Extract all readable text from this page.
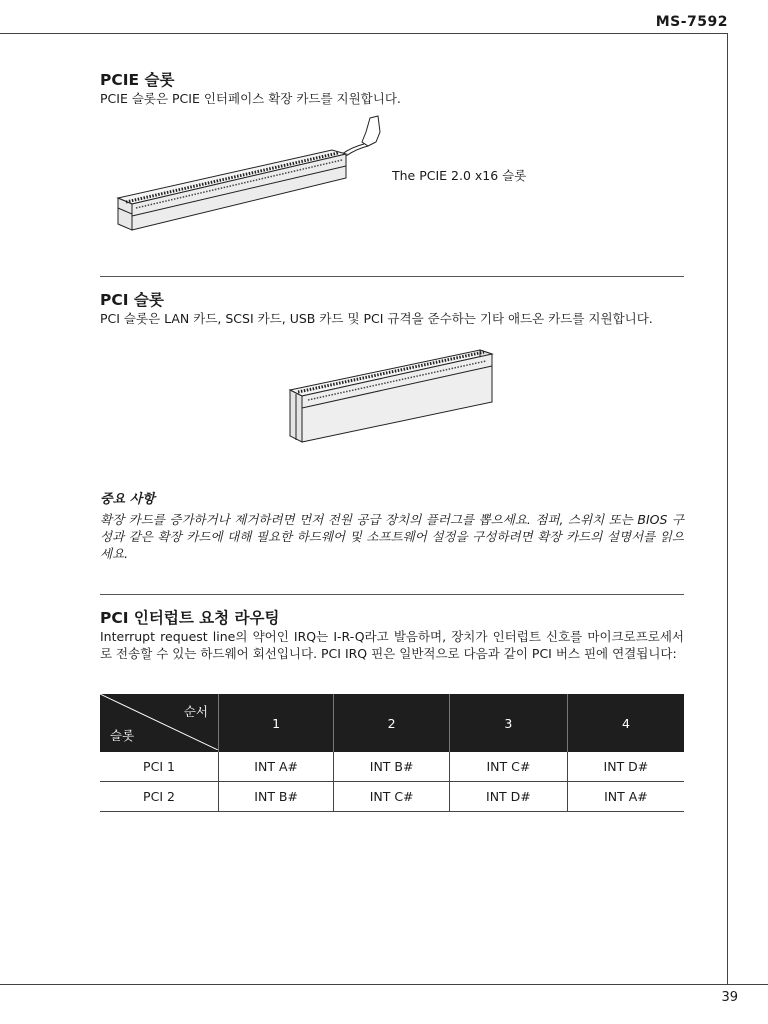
MS-7592
PCIE 슬롯

PCIE 슬롯은 PCIE 인터페이스 확장 카드를 지원합니다.

The PCIE 2.0 x16 슬롯
PCI 슬롯

PCI 슬롯은 LAN 카드, SCSI 카드, USB 카드 및 PCI 규격을 준수하는 기타 애드온 카드를 지원합니다.

중요 사항

확장 카드를 증가하거나 제거하려면 먼저 전원 공급 장치의 플러그를 뽑으세요. 점퍼, 스위치 또는 BIOS 구성과 같은 확장 카드에 대해 필요한 하드웨어 및 소프트웨어 설정을 구성하려면 확장 카드의 설명서를 읽으세요.

PCI 인터럽트 요청 라우팅

Interrupt request line의 약어인 IRQ는 I-R-Q라고 발음하며, 장치가 인터럽트 신호를 마이크로프로세서로 전송할 수 있는 하드웨어 회선입니다. PCI IRQ 핀은 일반적으로 다음과 같이 PCI 버스 핀에 연결됩니다:

순서
슬롯	1	2	3	4
PCI 1	INT A#	INT B#	INT C#	INT D#
PCI 2	INT B#	INT C#	INT D#	INT A#
39
